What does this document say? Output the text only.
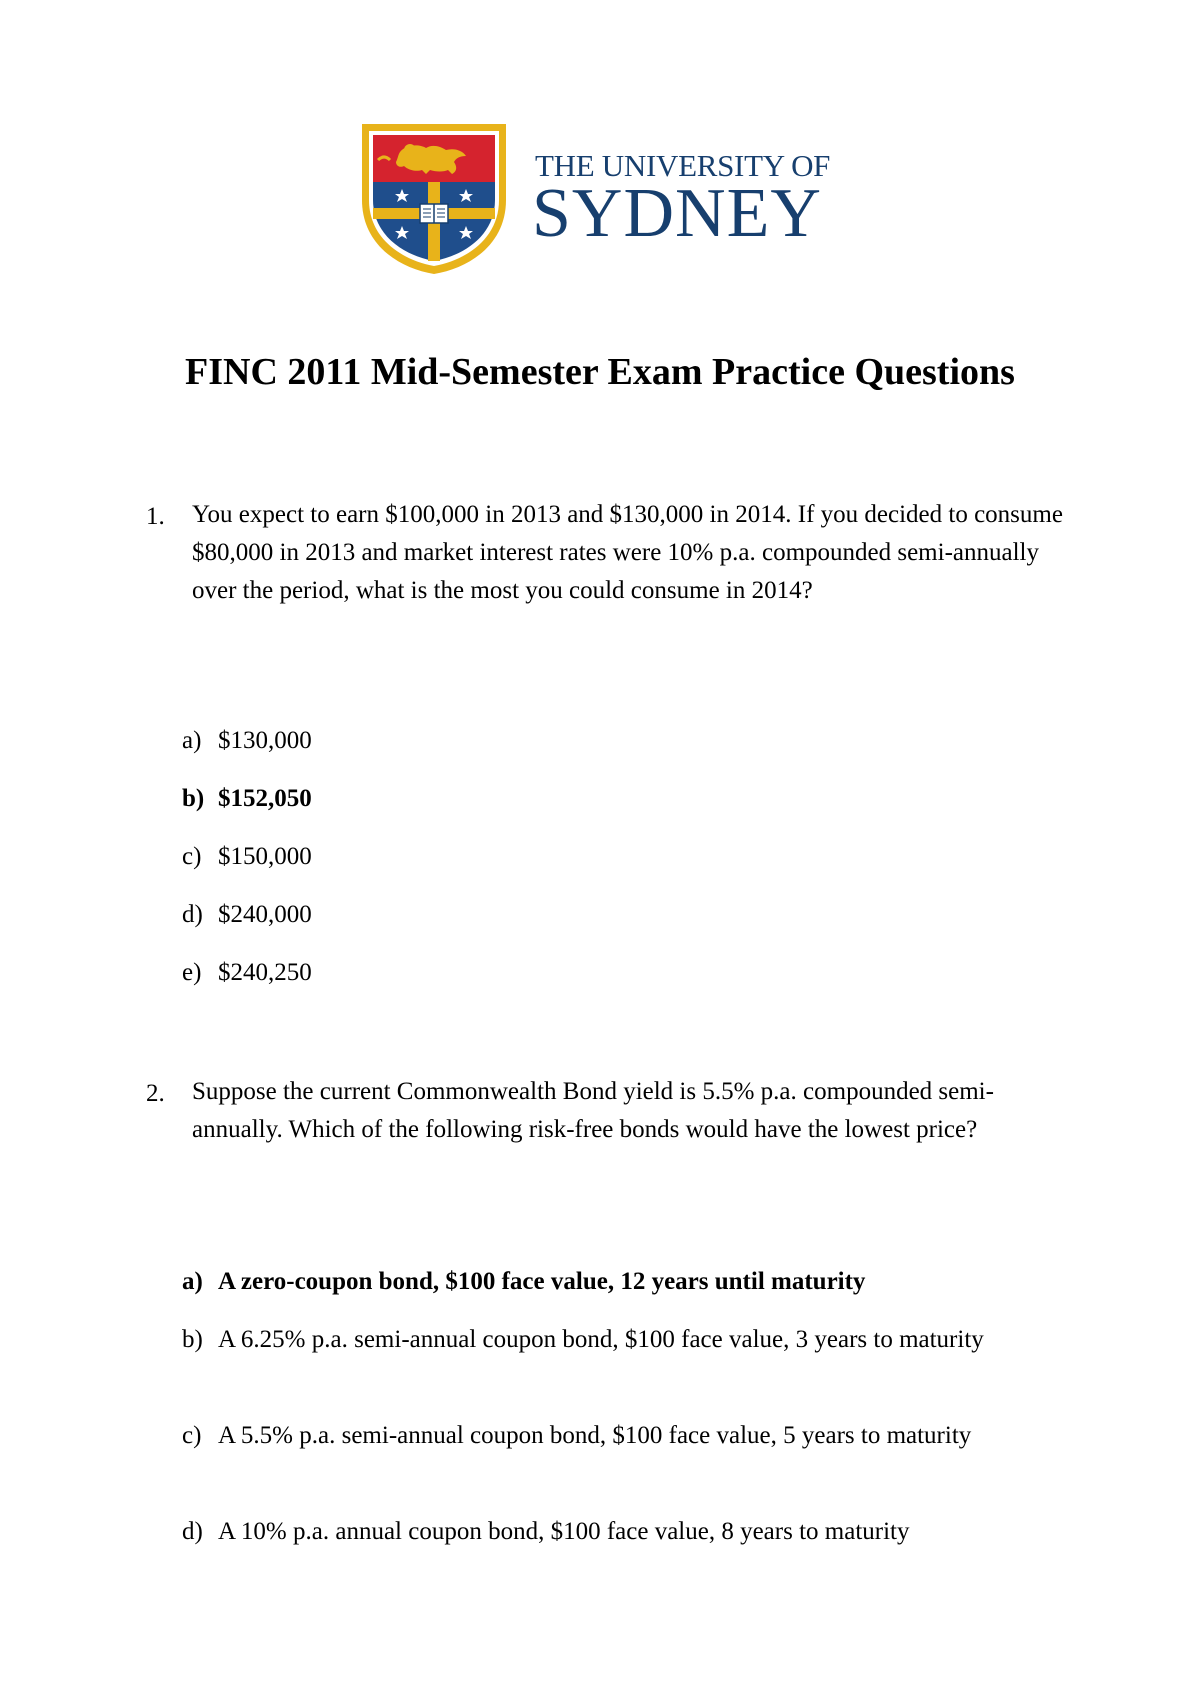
THE UNIVERSITY OF
SYDNEY
FINC 2011 Mid-Semester Exam Practice Questions
1. You expect to earn $100,000 in 2013 and $130,000 in 2014. If you decided to consume $80,000 in 2013 and market interest rates were 10% p.a. compounded semi-annually over the period, what is the most you could consume in 2014?
a) $130,000
b) $152,050
c) $150,000
d) $240,000
e) $240,250
2. Suppose the current Commonwealth Bond yield is 5.5% p.a. compounded semi-annually. Which of the following risk-free bonds would have the lowest price?
a) A zero-coupon bond, $100 face value, 12 years until maturity
b) A 6.25% p.a. semi-annual coupon bond, $100 face value, 3 years to maturity
c) A 5.5% p.a. semi-annual coupon bond, $100 face value, 5 years to maturity
d) A 10% p.a. annual coupon bond, $100 face value, 8 years to maturity
